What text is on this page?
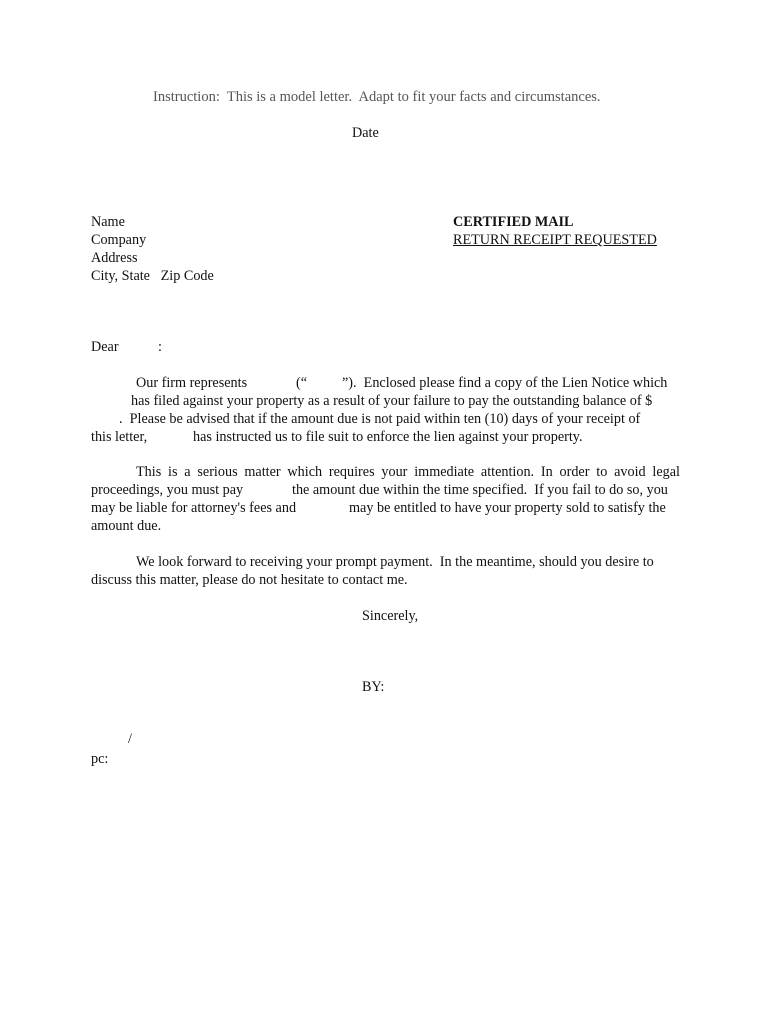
Instruction:  This is a model letter.  Adapt to fit your facts and circumstances.
Date
Name
Company
Address
City, State   Zip Code
CERTIFIED MAIL
RETURN RECEIPT REQUESTED
Dear	:
Our firm represents	(“ ”).  Enclosed please find a copy of the Lien Notice which
has filed against your property as a result of your failure to pay the outstanding balance of $
.  Please be advised that if the amount due is not paid within ten (10) days of your receipt of
this letter,	has instructed us to file suit to enforce the lien against your property.
This is a serious matter which requires your immediate attention. In order to avoid legal
proceedings, you must pay	the amount due within the time specified.  If you fail to do so, you
may be liable for attorney's fees and	may be entitled to have your property sold to satisfy the
amount due.
We look forward to receiving your prompt payment.  In the meantime, should you desire to
discuss this matter, please do not hesitate to contact me.
Sincerely,
BY:
/
pc:
